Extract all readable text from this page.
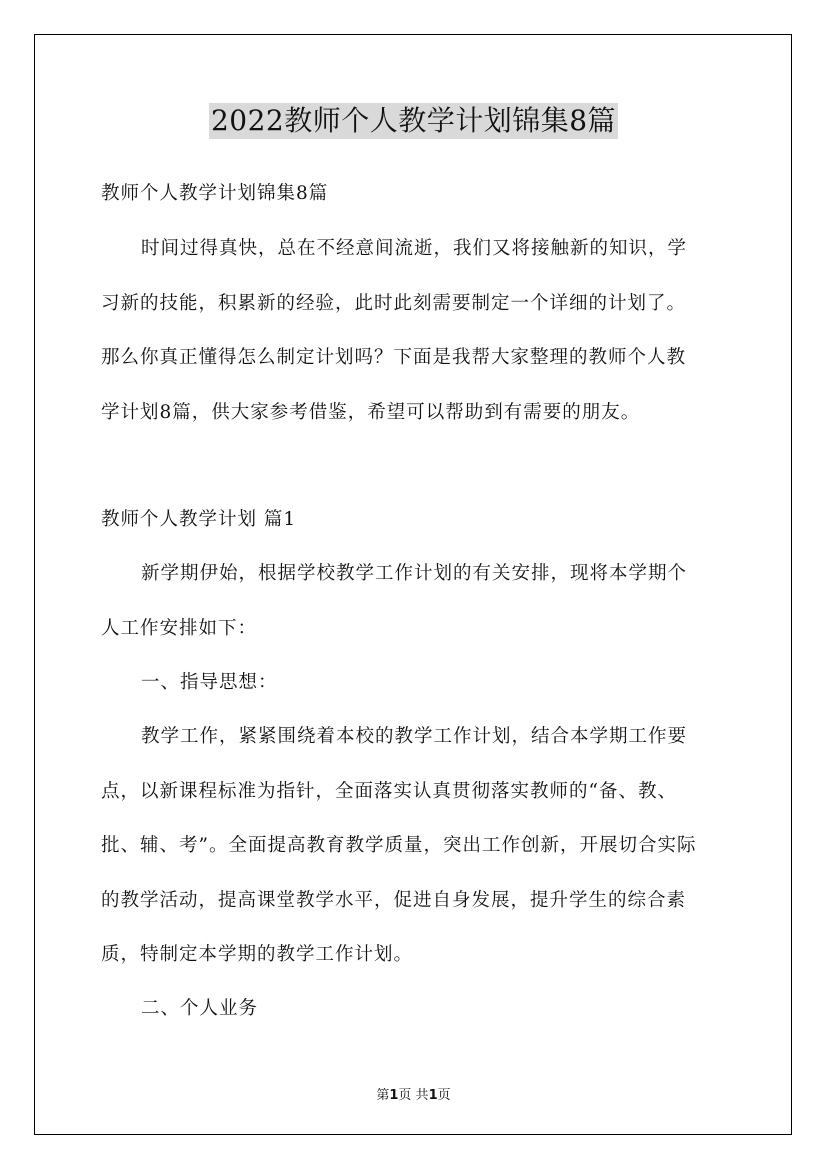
2022教师个人教学计划锦集8篇
教师个人教学计划锦集8篇
时间过得真快，总在不经意间流逝，我们又将接触新的知识，学
习新的技能，积累新的经验，此时此刻需要制定一个详细的计划了。
那么你真正懂得怎么制定计划吗？下面是我帮大家整理的教师个人教
学计划8篇，供大家参考借鉴，希望可以帮助到有需要的朋友。
教师个人教学计划 篇1
新学期伊始，根据学校教学工作计划的有关安排，现将本学期个
人工作安排如下：
一、指导思想：
教学工作，紧紧围绕着本校的教学工作计划，结合本学期工作要
点，以新课程标准为指针，全面落实认真贯彻落实教师的“备、教、
批、辅、考”。全面提高教育教学质量，突出工作创新，开展切合实际
的教学活动，提高课堂教学水平，促进自身发展，提升学生的综合素
质，特制定本学期的教学工作计划。
二、个人业务
第1页 共1页
